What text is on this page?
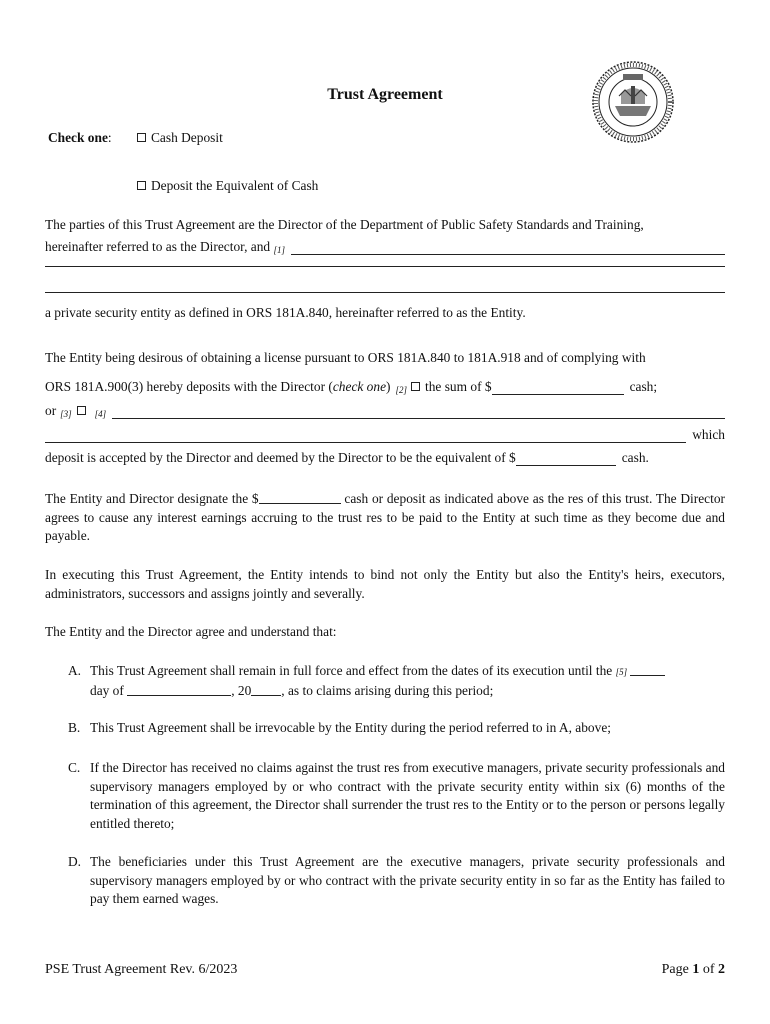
Trust Agreement
Check one:	Cash Deposit
Deposit the Equivalent of Cash
The parties of this Trust Agreement are the Director of the Department of Public Safety Standards and Training,
hereinafter referred to as the Director, and
[1]
a private security entity as defined in ORS 181A.840, hereinafter referred to as the Entity.
The Entity being desirous of obtaining a license pursuant to ORS 181A.840 to 181A.918 and of complying with
ORS 181A.900(3) hereby deposits with the Director ( check one ) [2] the sum of $	cash;
or [3]	[4]
which
deposit is accepted by the Director and deemed by the Director to be the equivalent of $	cash.
The Entity and Director designate the $	cash or deposit as indicated above as the res of this trust. The Director agrees to cause any interest earnings accruing to the trust res to be paid to the Entity at such time as they become due and payable.
In executing this Trust Agreement, the Entity intends to bind not only the Entity but also the Entity's heirs, executors, administrators, successors and assigns jointly and severally.
The Entity and the Director agree and understand that:
A. This Trust Agreement shall remain in full force and effect from the dates of its execution until the [5]
day of	, 20 , as to claims arising during this period;
B. This Trust Agreement shall be irrevocable by the Entity during the period referred to in A, above;
C. If the Director has received no claims against the trust res from executive managers, private security professionals and supervisory managers employed by or who contract with the private security entity within six (6) months of the termination of this agreement, the Director shall surrender the trust res to the Entity or to the person or persons legally entitled thereto;
D. The beneficiaries under this Trust Agreement are the executive managers, private security professionals and supervisory managers employed by or who contract with the private security entity in so far as the Entity has failed to pay them earned wages.
PSE Trust Agreement Rev. 6/2023	Page 1 of 2
